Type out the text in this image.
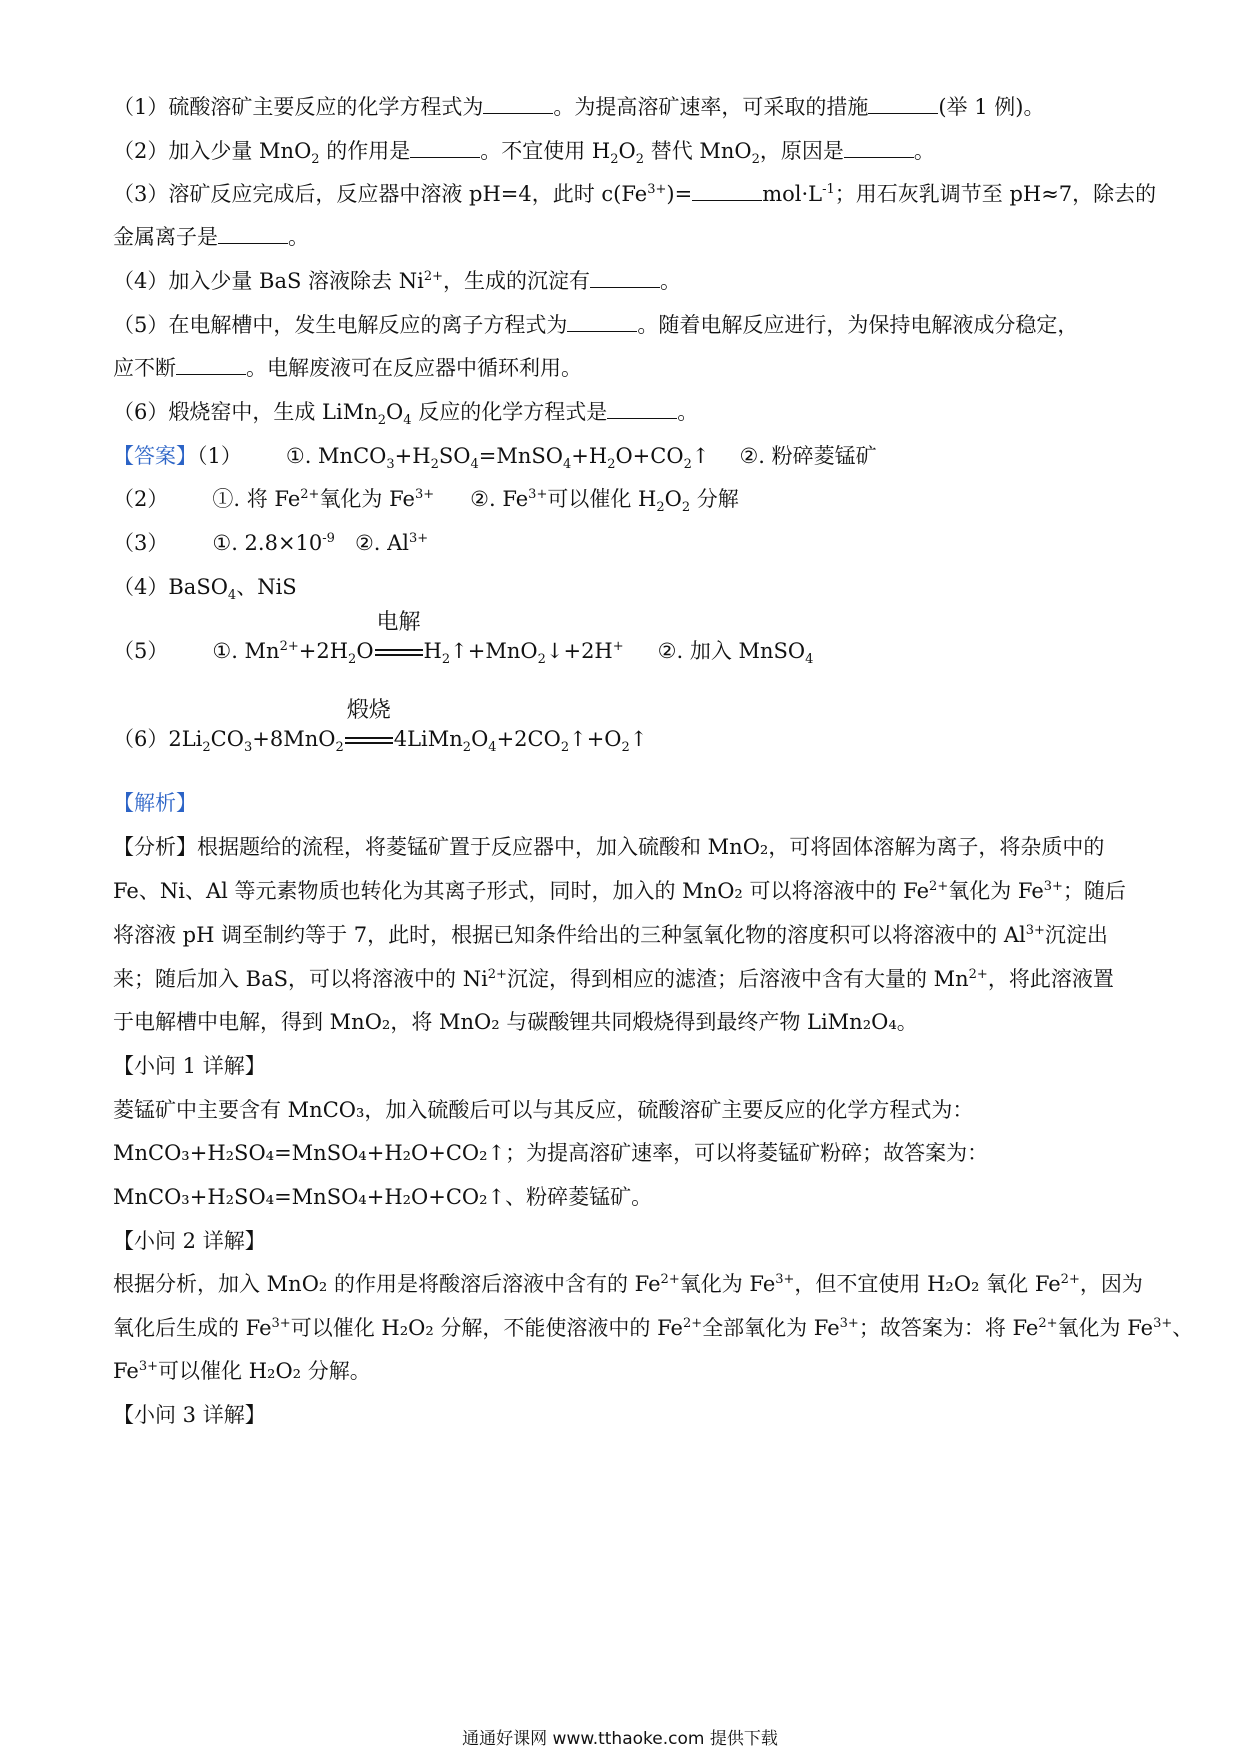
（1）硫酸溶矿主要反应的化学方程式为	。为提高溶矿速率，可采取的措施	(举 1 例)。
（2）加入少量 MnO$_2$ 的作用是	。不宜使用 $H_2O_2$ 替代 MnO$_2$，原因是	。
（3）溶矿反应完成后，反应器中溶液 pH=4，此时 $c(Fe^{3+})=$	$mol\cdot L^{-1}$；用石灰乳调节至 pH≈7，除去的
金属离子是	。
（4）加入少量 BaS 溶液除去 $Ni^{2+}$，生成的沉淀有	。
（5）在电解槽中，发生电解反应的离子方程式为	。随着电解反应进行，为保持电解液成分稳定，
应不断	。电解废液可在反应器中循环利用。
（6）煅烧窑中，生成 $LiMn_2O_4$ 反应的化学方程式是	。
【答案】（1） ①. $MnCO_3+H_2SO_4=MnSO_4+H_2O+CO_2↑$ ②. 粉碎菱锰矿
（2） ①. 将 $Fe^{2+}$氧化为 $Fe^{3+}$ ②. $Fe^{3+}$可以催化 $H_2O_2$ 分解
（3） ①. $2.8\times 10^{-9}$ ②. $Al^{3+}$
（4）BaSO$_4$、NiS
（5） ①. $Mn^{2+}+2H_2O$
电解
$H_2↑+MnO_2↓+2H^+$ ②. 加入 MnSO$_4$
$(6)2Li_2CO_3+8MnO_2$
煅烧
$4LiMn_2O_4+2CO_2↑+O_2↑$
【解析】
【分析】根据题给的流程，将菱锰矿置于反应器中，加入硫酸和 MnO₂，可将固体溶解为离子，将杂质中的
Fe、Ni、Al 等元素物质也转化为其离子形式，同时，加入的 MnO₂ 可以将溶液中的 $Fe^{2+}$氧化为 $Fe^{3+}$；随后
将溶液 pH 调至制约等于 7，此时，根据已知条件给出的三种氢氧化物的溶度积可以将溶液中的 $Al^{3+}$沉淀出
来；随后加入 BaS，可以将溶液中的 $Ni^{2+}$沉淀，得到相应的滤渣；后溶液中含有大量的 $Mn^{2+}$，将此溶液置
于电解槽中电解，得到 MnO₂，将 MnO₂ 与碳酸锂共同煅烧得到最终产物 LiMn₂O₄。
【小问 1 详解】
菱锰矿中主要含有 MnCO₃，加入硫酸后可以与其反应，硫酸溶矿主要反应的化学方程式为：
MnCO₃+H₂SO₄=MnSO₄+H₂O+CO₂↑；为提高溶矿速率，可以将菱锰矿粉碎；故答案为：
MnCO₃+H₂SO₄=MnSO₄+H₂O+CO₂↑、粉碎菱锰矿。
【小问 2 详解】
根据分析，加入 MnO₂ 的作用是将酸溶后溶液中含有的 $Fe^{2+}$氧化为 $Fe^{3+}$，但不宜使用 H₂O₂ 氧化 $Fe^{2+}$，因为
氧化后生成的 $Fe^{3+}$可以催化 H₂O₂ 分解，不能使溶液中的 $Fe^{2+}$全部氧化为 $Fe^{3+}$；故答案为：将 $Fe^{2+}$氧化为 $Fe^{3+}$、
$Fe^{3+}$可以催化 H₂O₂ 分解。
【小问 3 详解】
通通好课网 www.tthaoke.com 提供下载
